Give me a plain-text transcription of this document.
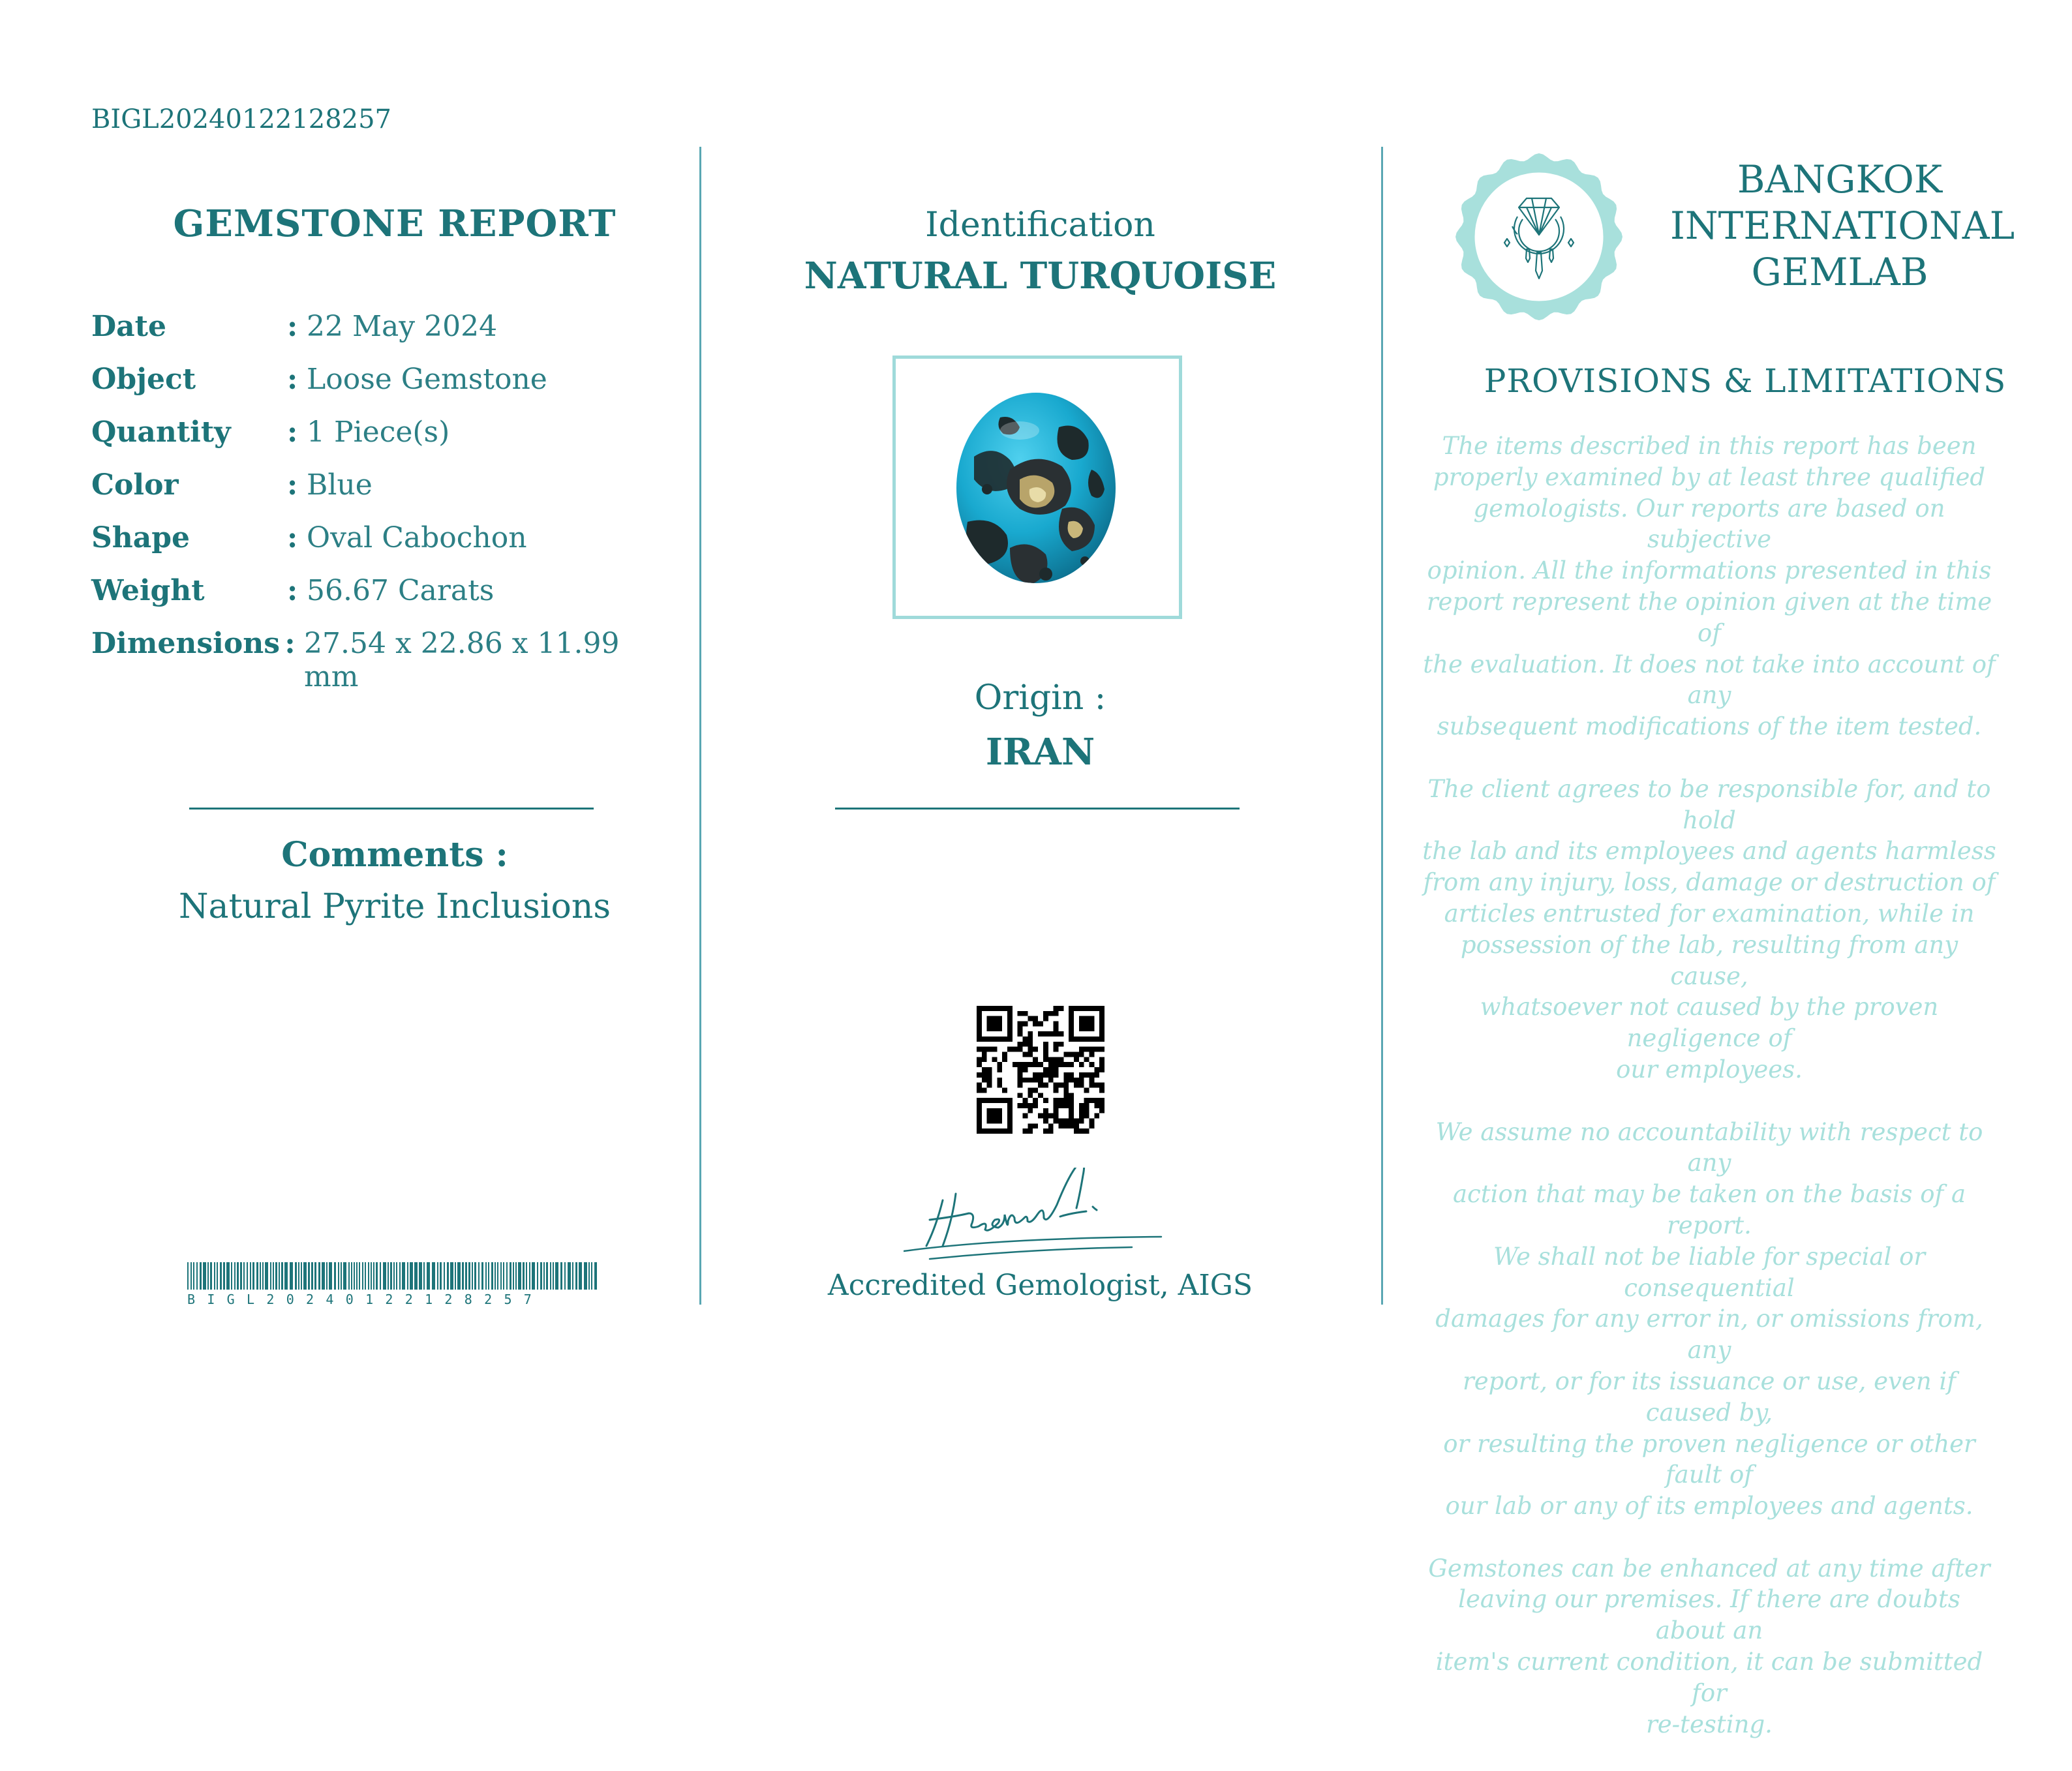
BIGL20240122128257
GEMSTONE REPORT
Date	: 22 May 2024
Object	: Loose Gemstone
Quantity	: 1 Piece(s)
Color	: Blue
Shape	: Oval Cabochon
Weight	: 56.67 Carats
Dimensions : 27.54 x 22.86 x 11.99 mm
Comments :
Natural Pyrite Inclusions
BIGL20240122128257
Identification
NATURAL TURQUOISE
Origin :
IRAN
Accredited Gemologist, AIGS
BANGKOK
INTERNATIONAL
GEMLAB
PROVISIONS & LIMITATIONS
The items described in this report has been
properly examined by at least three qualified
gemologists. Our reports are based on subjective
opinion. All the informations presented in this
report represent the opinion given at the time of
the evaluation. It does not take into account of any
subsequent modifications of the item tested.
The client agrees to be responsible for, and to hold
the lab and its employees and agents harmless
from any injury, loss, damage or destruction of
articles entrusted for examination, while in
possession of the lab, resulting from any cause,
whatsoever not caused by the proven negligence of
our employees.
We assume no accountability with respect to any
action that may be taken on the basis of a report.
We shall not be liable for special or consequential
damages for any error in, or omissions from, any
report, or for its issuance or use, even if caused by,
or resulting the proven negligence or other fault of
our lab or any of its employees and agents.
Gemstones can be enhanced at any time after
leaving our premises. If there are doubts about an
item's current condition, it can be submitted for
re-testing.
